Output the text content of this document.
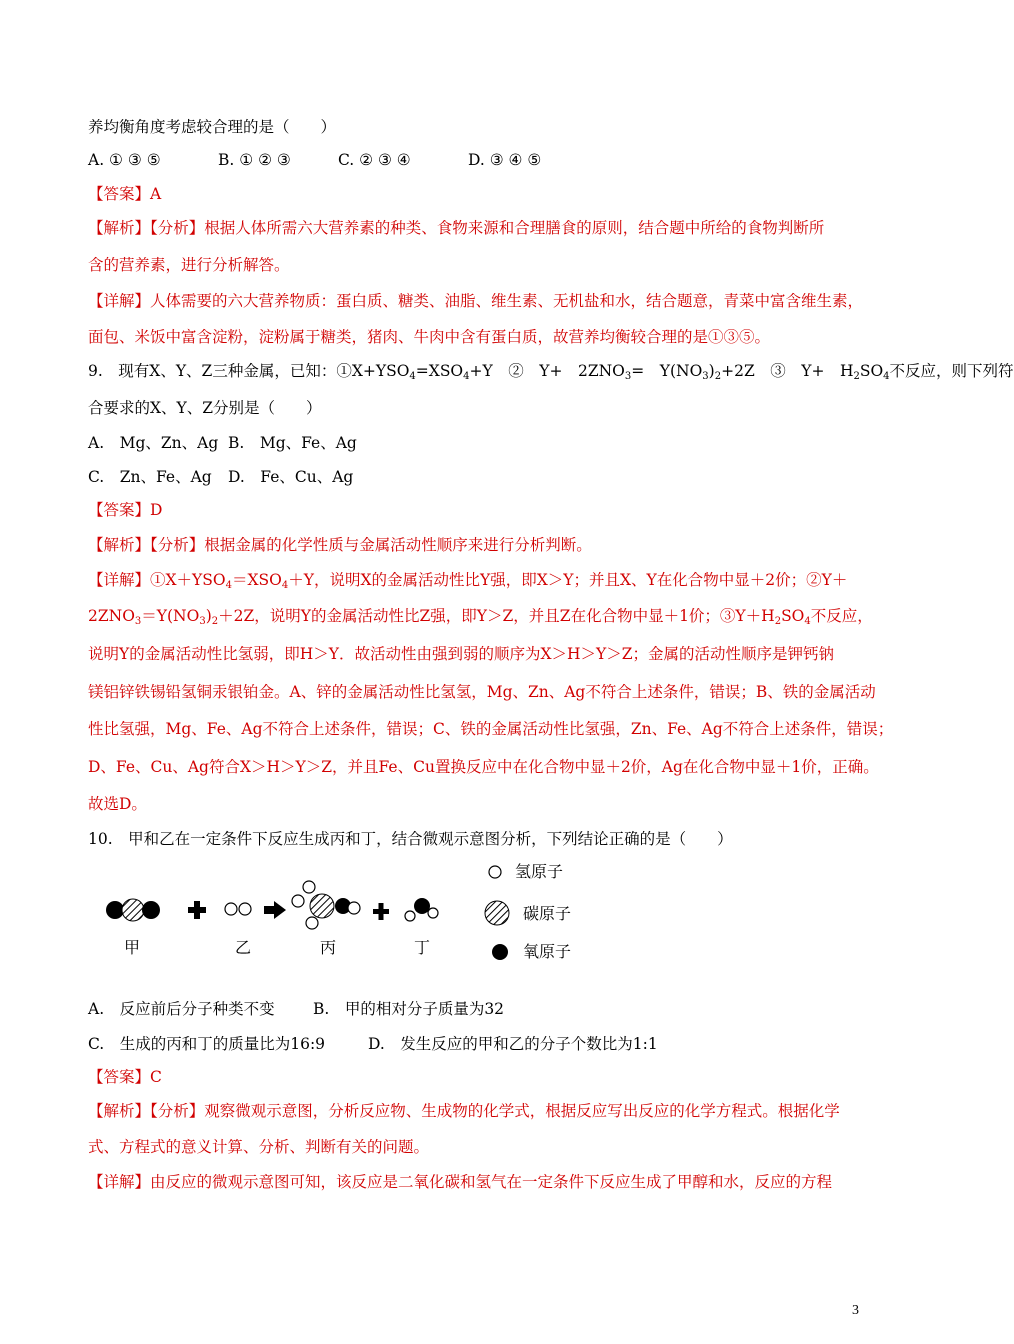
养均衡角度考虑较合理的是（　　）
A. ① ③ ⑤	B. ① ② ③	C. ② ③ ④	D. ③ ④ ⑤
【答案】A
【解析】【分析】根据人体所需六大营养素的种类、食物来源和合理膳食的原则，结合题中所给的食物判断所
含的营养素，进行分析解答。
【详解】人体需要的六大营养物质：蛋白质、糖类、油脂、维生素、无机盐和水，结合题意，青菜中富含维生素，
面包、米饭中富含淀粉，淀粉属于糖类，猪肉、牛肉中含有蛋白质，故营养均衡较合理的是①③⑤。
9.　现有X、Y、Z三种金属，已知：$①X+YSO_4=XSO_4+Y$　②　Y+　$2ZNO_3=$　$Y(NO_3)_2+2Z$　③　Y+　$H_2SO_4$不反应，则下列符
合要求的X、Y、Z分别是（　　）
A.　Mg、Zn、Ag B.　Mg、Fe、Ag
C.　Zn、Fe、Ag D.　Fe、Cu、Ag
【答案】D
【解析】【分析】根据金属的化学性质与金属活动性顺序来进行分析判断。
【详解】$①X+YSO_4=XSO_4+Y$，说明X的金属活动性比Y强，即X＞Y；并且X、Y在化合物中显＋2价；②Y＋
$2ZNO_3=Y(NO_3)_2+2Z$，说明Y的金属活动性比Z强，即Y＞Z，并且Z在化合物中显＋1价；$③Y+H_2SO_4$不反应，
说明Y的金属活动性比氢弱，即H＞Y．故活动性由强到弱的顺序为X＞H＞Y＞Z；金属的活动性顺序是钾钙钠
镁铝锌铁锡铅氢铜汞银铂金。A、锌的金属活动性比氢氢，Mg、Zn、Ag不符合上述条件，错误；B、铁的金属活动
性比氢强，Mg、Fe、Ag不符合上述条件，错误；C、铁的金属活动性比氢强，Zn、Fe、Ag不符合上述条件，错误；
D、Fe、Cu、Ag符合X＞H＞Y＞Z，并且Fe、Cu置换反应中在化合物中显＋2价，Ag在化合物中显＋1价，正确。
故选D。
10.　甲和乙在一定条件下反应生成丙和丁，结合微观示意图分析，下列结论正确的是（　　）
甲	乙	丙	丁
氢原子
碳原子
氧原子
A.　反应前后分子种类不变 B.　甲的相对分子质量为32
C.　生成的丙和丁的质量比为16:9	D.　发生反应的甲和乙的分子个数比为1:1
【答案】C
【解析】【分析】观察微观示意图，分析反应物、生成物的化学式，根据反应写出反应的化学方程式。根据化学
式、方程式的意义计算、分析、判断有关的问题。
【详解】由反应的微观示意图可知，该反应是二氧化碳和氢气在一定条件下反应生成了甲醇和水，反应的方程
3
